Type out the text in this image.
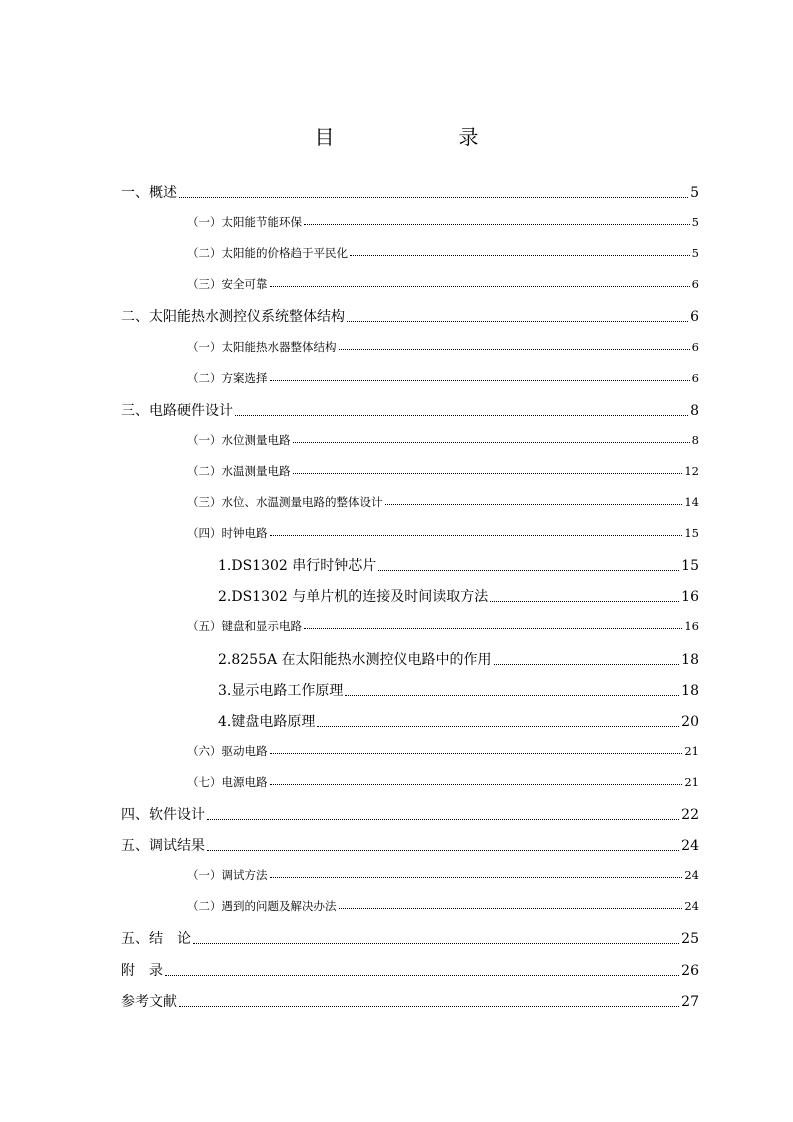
目　录
一、概述	5
（一）太阳能节能环保	5
（二）太阳能的价格趋于平民化	5
（三）安全可靠	6
二、太阳能热水测控仪系统整体结构	6
（一）太阳能热水器整体结构	6
（二）方案选择	6
三、电路硬件设计	8
（一）水位测量电路	8
（二）水温测量电路	12
（三）水位、水温测量电路的整体设计	14
（四）时钟电路	15
1.DS1302 串行时钟芯片	15
2.DS1302 与单片机的连接及时间读取方法	16
（五）键盘和显示电路	16
2.8255A 在太阳能热水测控仪电路中的作用	18
3.显示电路工作原理	18
4.键盘电路原理	20
（六）驱动电路	21
（七）电源电路	21
四、软件设计	22
五、调试结果	24
（一）调试方法	24
（二）遇到的问题及解决办法	24
五、结　论	25
附　录	26
参考文献	27
